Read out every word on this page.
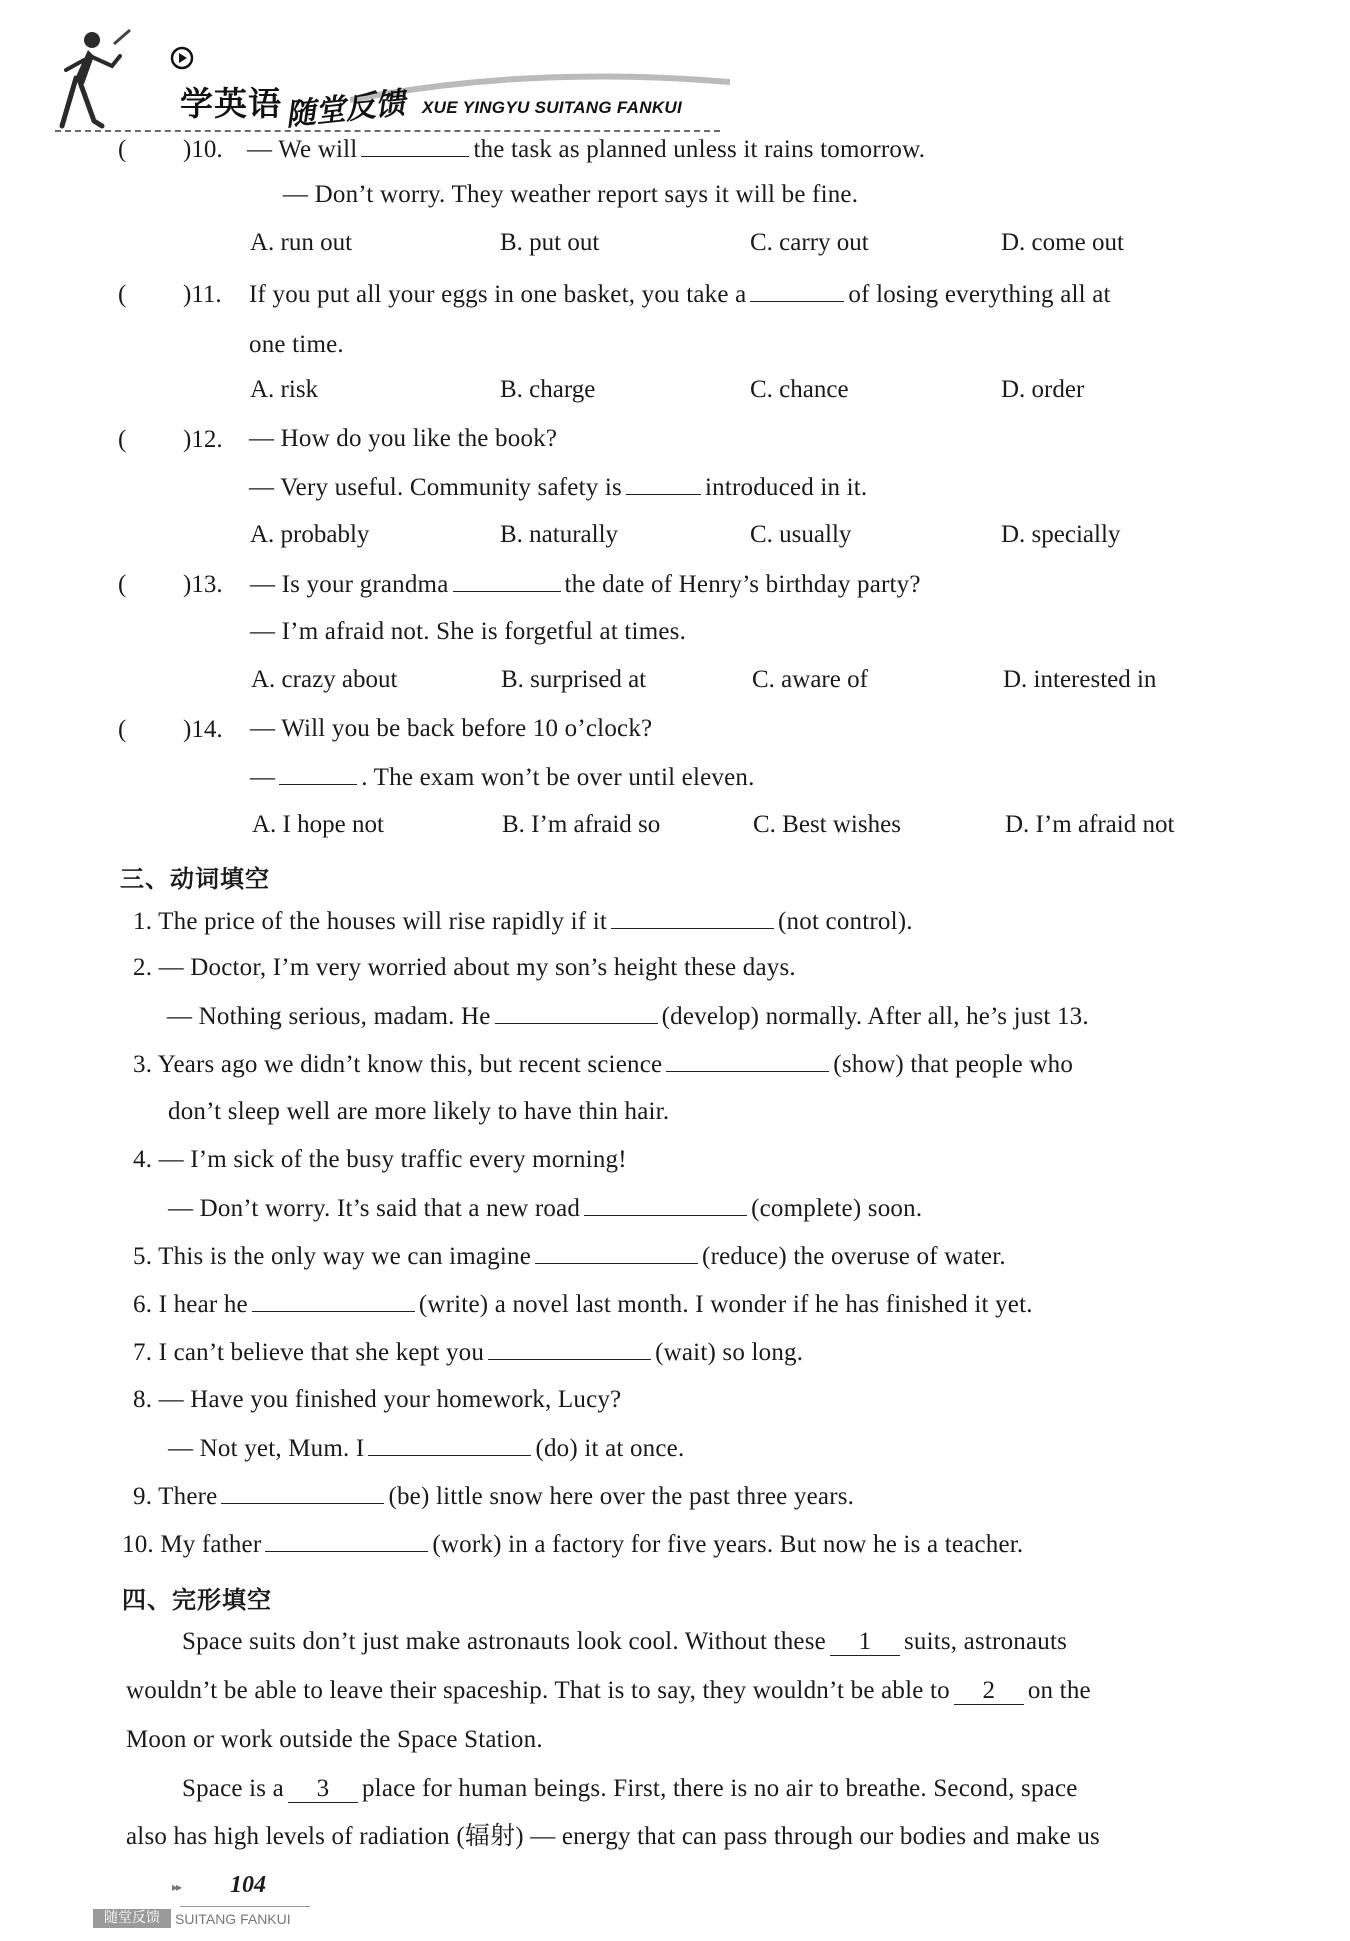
学英语 随堂反馈 XUE YINGYU SUITANG FANKUI
( )10. — We will	the task as planned unless it rains tomorrow.
— Don’t worry. They weather report says it will be fine.
A. run out	B. put out	C. carry out	D. come out
( )11. If you put all your eggs in one basket, you take a	of losing everything all at
one time.
A. risk	B. charge	C. chance	D. order
( )12. — How do you like the book?
— Very useful. Community safety is	introduced in it.
A. probably	B. naturally	C. usually	D. specially
( )13. — Is your grandma	the date of Henry’s birthday party?
— I’m afraid not. She is forgetful at times.
A. crazy about	B. surprised at	C. aware of	D. interested in
( )14. — Will you be back before 10 o’clock?
—	. The exam won’t be over until eleven.
A. I hope not	B. I’m afraid so	C. Best wishes	D. I’m afraid not
三、动词填空
1. The price of the houses will rise rapidly if it	(not control).
2. — Doctor, I’m very worried about my son’s height these days.
— Nothing serious, madam. He	(develop) normally. After all, he’s just 13.
3. Years ago we didn’t know this, but recent science	(show) that people who
don’t sleep well are more likely to have thin hair.
4. — I’m sick of the busy traffic every morning!
— Don’t worry. It’s said that a new road	(complete) soon.
5. This is the only way we can imagine	(reduce) the overuse of water.
6. I hear he	(write) a novel last month. I wonder if he has finished it yet.
7. I can’t believe that she kept you	(wait) so long.
8. — Have you finished your homework, Lucy?
— Not yet, Mum. I	(do) it at once.
9. There	(be) little snow here over the past three years.
10. My father	(work) in a factory for five years. But now he is a teacher.
四、完形填空
Space suits don’t just make astronauts look cool. Without these 1 suits, astronauts
wouldn’t be able to leave their spaceship. That is to say, they wouldn’t be able to 2 on the
Moon or work outside the Space Station.
Space is a 3 place for human beings. First, there is no air to breathe. Second, space
also has high levels of radiation (辐射) — energy that can pass through our bodies and make us
▸▸ 104
随堂反馈	SUITANG FANKUI
